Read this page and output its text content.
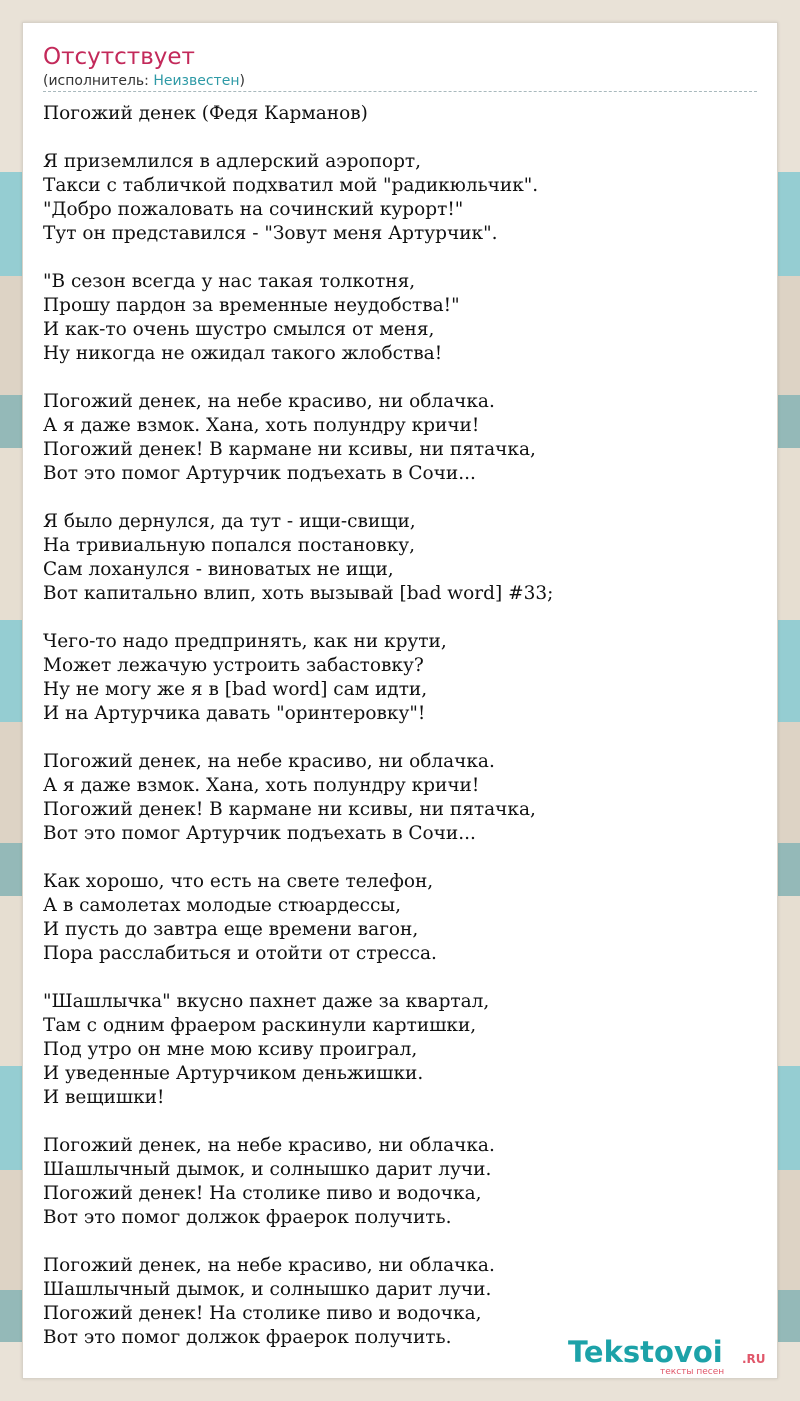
Отсутствует
(исполнитель: Неизвестен)
Погожий денек (Федя Карманов)
Я приземлился в адлерский аэропорт,
Такси с табличкой подхватил мой "радикюльчик".
"Добро пожаловать на сочинский курорт!"
Тут он представился - "Зовут меня Артурчик".
"В сезон всегда у нас такая толкотня,
Прошу пардон за временные неудобства!"
И как-то очень шустро смылся от меня,
Ну никогда не ожидал такого жлобства!
Погожий денек, на небе красиво, ни облачка.
А я даже взмок. Хана, хоть полундру кричи!
Погожий денек! В кармане ни ксивы, ни пятачка,
Вот это помог Артурчик подъехать в Сочи...
Я было дернулся, да тут - ищи-свищи,
На тривиальную попался постановку,
Сам лоханулся - виноватых не ищи,
Вот капитально влип, хоть вызывай [bad word] #33;
Чего-то надо предпринять, как ни крути,
Может лежачую устроить забастовку?
Ну не могу же я в [bad word] сам идти,
И на Артурчика давать "оринтеровку"!
Погожий денек, на небе красиво, ни облачка.
А я даже взмок. Хана, хоть полундру кричи!
Погожий денек! В кармане ни ксивы, ни пятачка,
Вот это помог Артурчик подъехать в Сочи...
Как хорошо, что есть на свете телефон,
А в самолетах молодые стюардессы,
И пусть до завтра еще времени вагон,
Пора расслабиться и отойти от стресса.
"Шашлычка" вкусно пахнет даже за квартал,
Там с одним фраером раскинули картишки,
Под утро он мне мою ксиву проиграл,
И уведенные Артурчиком деньжишки.
И вещишки!
Погожий денек, на небе красиво, ни облачка.
Шашлычный дымок, и солнышко дарит лучи.
Погожий денек! На столике пиво и водочка,
Вот это помог должок фраерок получить.
Погожий денек, на небе красиво, ни облачка.
Шашлычный дымок, и солнышко дарит лучи.
Погожий денек! На столике пиво и водочка,
Вот это помог должок фраерок получить.	Tekstovoi .RU
тексты песен
